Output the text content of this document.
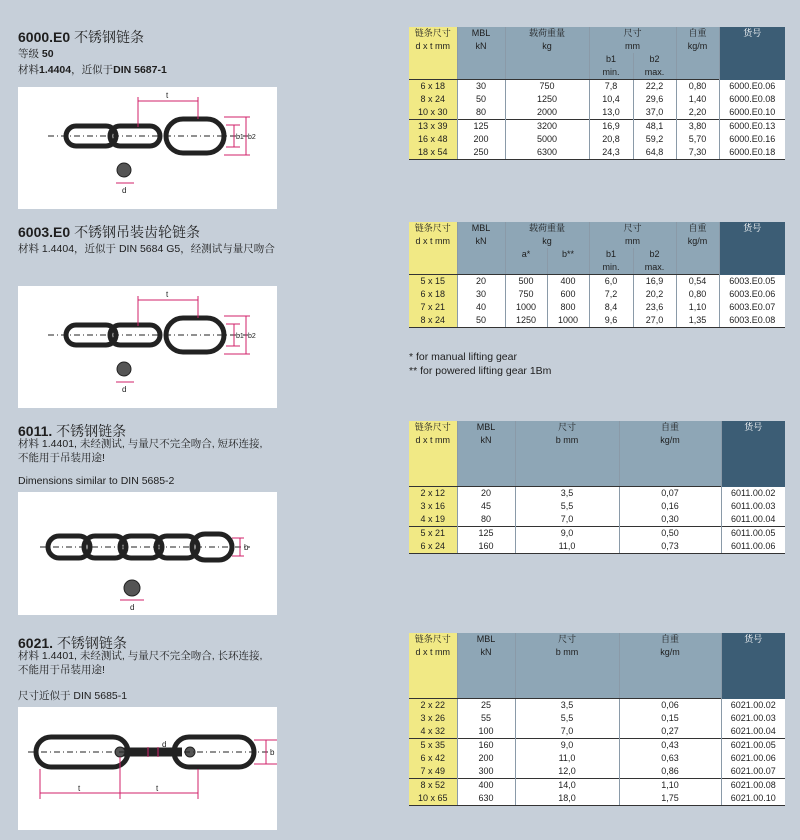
6000.E0 不锈钢链条
等级 50
材料1.4404，近似于DIN 5687-1
t
b1 b2
d
链条尺寸	MBL	载荷重量	尺寸		自重	货号
d x t mm	kN	kg	mm		kg/m	
			b1	b2		
			min.	max.		
6 x 18	30	750	7,8	22,2	0,80	6000.E0.06
8 x 24	50	1250	10,4	29,6	1,40	6000.E0.08
10 x 30	80	2000	13,0	37,0	2,20	6000.E0.10
13 x 39	125	3200	16,9	48,1	3,80	6000.E0.13
16 x 48	200	5000	20,8	59,2	5,70	6000.E0.16
18 x 54	250	6300	24,3	64,8	7,30	6000.E0.18
6003.E0 不锈钢吊装齿轮链条
材料 1.4404，近似于 DIN 5684 G5，经测试与量尺吻合
t
b1 b2
d
链条尺寸	MBL	载荷重量		尺寸		自重	货号
d x t mm	kN	kg		mm		kg/m	
		a*	b**	b1	b2		
				min.	max.		
5 x 15	20	500	400	6,0	16,9	0,54	6003.E0.05
6 x 18	30	750	600	7,2	20,2	0,80	6003.E0.06
7 x 21	40	1000	800	8,4	23,6	1,10	6003.E0.07
8 x 24	50	1250	1000	9,6	27,0	1,35	6003.E0.08
* for manual lifting gear
** for powered lifting gear 1Bm
6011. 不锈钢链条
材料 1.4401, 未经测试, 与量尺不完全吻合, 短环连接,
不能用于吊装用途!
Dimensions similar to DIN 5685-2
b
d
链条尺寸	MBL	尺寸	自重	货号
d x t mm	kN	b mm	kg/m	

2 x 12	20	3,5	0,07	6011.00.02
3 x 16	45	5,5	0,16	6011.00.03
4 x 19	80	7,0	0,30	6011.00.04
5 x 21	125	9,0	0,50	6011.00.05
6 x 24	160	11,0	0,73	6011.00.06
6021. 不锈钢链条
材料 1.4401, 未经测试, 与量尺不完全吻合, 长环连接,
不能用于吊装用途!
尺寸近似于 DIN 5685-1
t	t
d
b
链条尺寸	MBL	尺寸	自重	货号
d x t mm	kN	b mm	kg/m	

2 x 22	25	3,5	0,06	6021.00.02
3 x 26	55	5,5	0,15	6021.00.03
4 x 32	100	7,0	0,27	6021.00.04
5 x 35	160	9,0	0,43	6021.00.05
6 x 42	200	11,0	0,63	6021.00.06
7 x 49	300	12,0	0,86	6021.00.07
8 x 52	400	14,0	1,10	6021.00.08
10 x 65	630	18,0	1,75	6021.00.10
